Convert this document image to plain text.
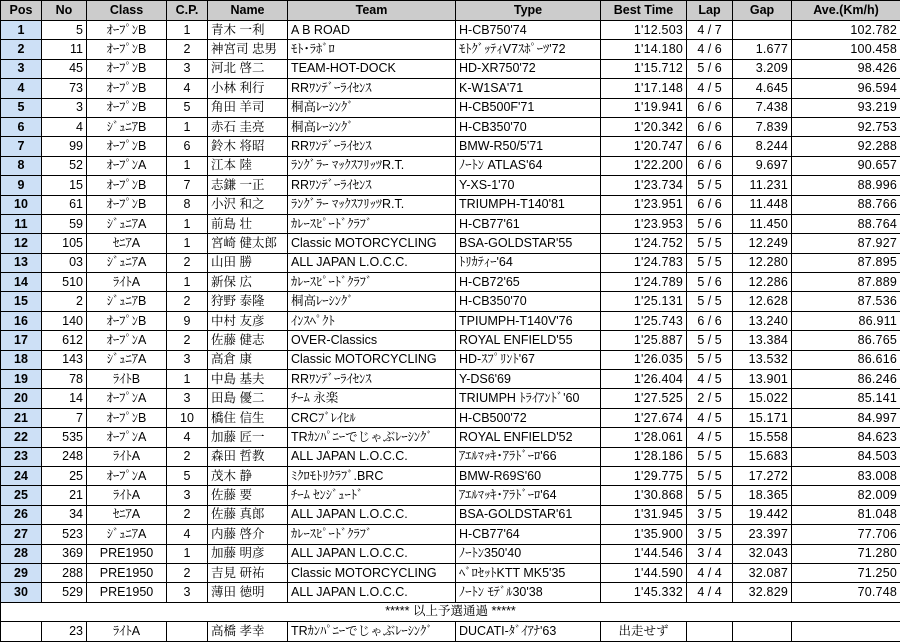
Pos	No	Class	C.P.	Name	Team	Type	Best Time	Lap	Gap	Ave.(Km/h)
1	5	ｵｰﾌﾟﾝB	1	青木 一利	A B ROAD	H-CB750'74	1'12.503	4 / 7		102.782
2	11	ｵｰﾌﾟﾝB	2	神宮司 忠男	ﾓﾄ･ﾗﾎﾞﾛ	ﾓﾄｸﾞｯﾃｨV7ｽﾎﾟｰﾂ'72	1'14.180	4 / 6	1.677	100.458
3	45	ｵｰﾌﾟﾝB	3	河北 啓二	TEAM-HOT-DOCK	HD-XR750'72	1'15.712	5 / 6	3.209	98.426
4	73	ｵｰﾌﾟﾝB	4	小林 利行	RRﾜﾝﾃﾞｰﾗｲｾﾝｽ	K-W1SA'71	1'17.148	4 / 5	4.645	96.594
5	3	ｵｰﾌﾟﾝB	5	角田 羊司	桐高ﾚｰｼﾝｸﾞ	H-CB500F'71	1'19.941	6 / 6	7.438	93.219
6	4	ｼﾞｭﾆｱB	1	赤石 圭亮	桐高ﾚｰｼﾝｸﾞ	H-CB350'70	1'20.342	6 / 6	7.839	92.753
7	99	ｵｰﾌﾟﾝB	6	鈴木 将昭	RRﾜﾝﾃﾞｰﾗｲｾﾝｽ	BMW-R50/5'71	1'20.747	6 / 6	8.244	92.288
8	52	ｵｰﾌﾟﾝA	1	江本 陸	ﾗﾝｸﾞﾗｰ ﾏｯｸｽﾌﾘｯﾂR.T.	ﾉｰﾄﾝ ATLAS'64	1'22.200	6 / 6	9.697	90.657
9	15	ｵｰﾌﾟﾝB	7	志鎌 一正	RRﾜﾝﾃﾞｰﾗｲｾﾝｽ	Y-XS-1'70	1'23.734	5 / 5	11.231	88.996
10	61	ｵｰﾌﾟﾝB	8	小沢 和之	ﾗﾝｸﾞﾗｰ ﾏｯｸｽﾌﾘｯﾂR.T.	TRIUMPH-T140'81	1'23.951	6 / 6	11.448	88.766
11	59	ｼﾞｭﾆｱA	1	前島 壮	ｶﾚｰｽﾋﾟｰﾄﾞｸﾗﾌﾞ	H-CB77'61	1'23.953	5 / 6	11.450	88.764
12	105	ｾﾆｱA	1	宮崎 健太郎	Classic MOTORCYCLING	BSA-GOLDSTAR'55	1'24.752	5 / 5	12.249	87.927
13	03	ｼﾞｭﾆｱA	2	山田 勝	ALL JAPAN L.O.C.C.	ﾄﾘｶﾃｨｰ'64	1'24.783	5 / 5	12.280	87.895
14	510	ﾗｲﾄA	1	新保 広	ｶﾚｰｽﾋﾟｰﾄﾞｸﾗﾌﾞ	H-CB72'65	1'24.789	5 / 6	12.286	87.889
15	2	ｼﾞｭﾆｱB	2	狩野 泰隆	桐高ﾚｰｼﾝｸﾞ	H-CB350'70	1'25.131	5 / 5	12.628	87.536
16	140	ｵｰﾌﾟﾝB	9	中村 友彦	ｲﾝｽﾍﾟｸﾄ	TPIUMPH-T140V'76	1'25.743	6 / 6	13.240	86.911
17	612	ｵｰﾌﾟﾝA	2	佐藤 健志	OVER-Classics	ROYAL ENFIELD'55	1'25.887	5 / 5	13.384	86.765
18	143	ｼﾞｭﾆｱA	3	高倉 康	Classic MOTORCYCLING	HD-ｽﾌﾟﾘﾝﾄ'67	1'26.035	5 / 5	13.532	86.616
19	78	ﾗｲﾄB	1	中島 基夫	RRﾜﾝﾃﾞｰﾗｲｾﾝｽ	Y-DS6'69	1'26.404	4 / 5	13.901	86.246
20	14	ｵｰﾌﾟﾝA	3	田島 優二	ﾁｰﾑ 永楽	TRIUMPH ﾄﾗｲｱﾝﾄﾞ'60	1'27.525	2 / 5	15.022	85.141
21	7	ｵｰﾌﾟﾝB	10	橋住 信生	CRCﾌﾞﾚｲﾋﾙ	H-CB500'72	1'27.674	4 / 5	15.171	84.997
22	535	ｵｰﾌﾟﾝA	4	加藤 匠一	TRｶﾝﾊﾟﾆｰでじゃぶﾚｰｼﾝｸﾞ	ROYAL ENFIELD'52	1'28.061	4 / 5	15.558	84.623
23	248	ﾗｲﾄA	2	森田 哲教	ALL JAPAN L.O.C.C.	ｱｴﾙﾏｯｷ･ｱﾗﾄﾞｰﾛ'66	1'28.186	5 / 5	15.683	84.503
24	25	ｵｰﾌﾟﾝA	5	茂木 静	ﾐｸﾛﾓﾄﾘｸﾗﾌﾞ.BRC	BMW-R69S'60	1'29.775	5 / 5	17.272	83.008
25	21	ﾗｲﾄA	3	佐藤 要	ﾁｰﾑ ｾﾝｼﾞｭｰﾄﾞ	ｱｴﾙﾏｯｷ･ｱﾗﾄﾞｰﾛ'64	1'30.868	5 / 5	18.365	82.009
26	34	ｾﾆｱA	2	佐藤 真郎	ALL JAPAN L.O.C.C.	BSA-GOLDSTAR'61	1'31.945	3 / 5	19.442	81.048
27	523	ｼﾞｭﾆｱA	4	内藤 啓介	ｶﾚｰｽﾋﾟｰﾄﾞｸﾗﾌﾞ	H-CB77'64	1'35.900	3 / 5	23.397	77.706
28	369	PRE1950	1	加藤 明彦	ALL JAPAN L.O.C.C.	ﾉｰﾄﾝ350'40	1'44.546	3 / 4	32.043	71.280
29	288	PRE1950	2	吉見 研祐	Classic MOTORCYCLING	ﾍﾞﾛｾｯﾄKTT MK5'35	1'44.590	4 / 4	32.087	71.250
30	529	PRE1950	3	薄田 徳明	ALL JAPAN L.O.C.C.	ﾉｰﾄﾝ ﾓﾃﾞﾙ30'38	1'45.332	4 / 4	32.829	70.748
***** 以上予選通過 *****										
	23	ﾗｲﾄA		高橋 孝幸	TRｶﾝﾊﾟﾆｰでじゃぶﾚｰｼﾝｸﾞ	DUCATI-ﾀﾞｲｱﾅ'63	出走せず			
